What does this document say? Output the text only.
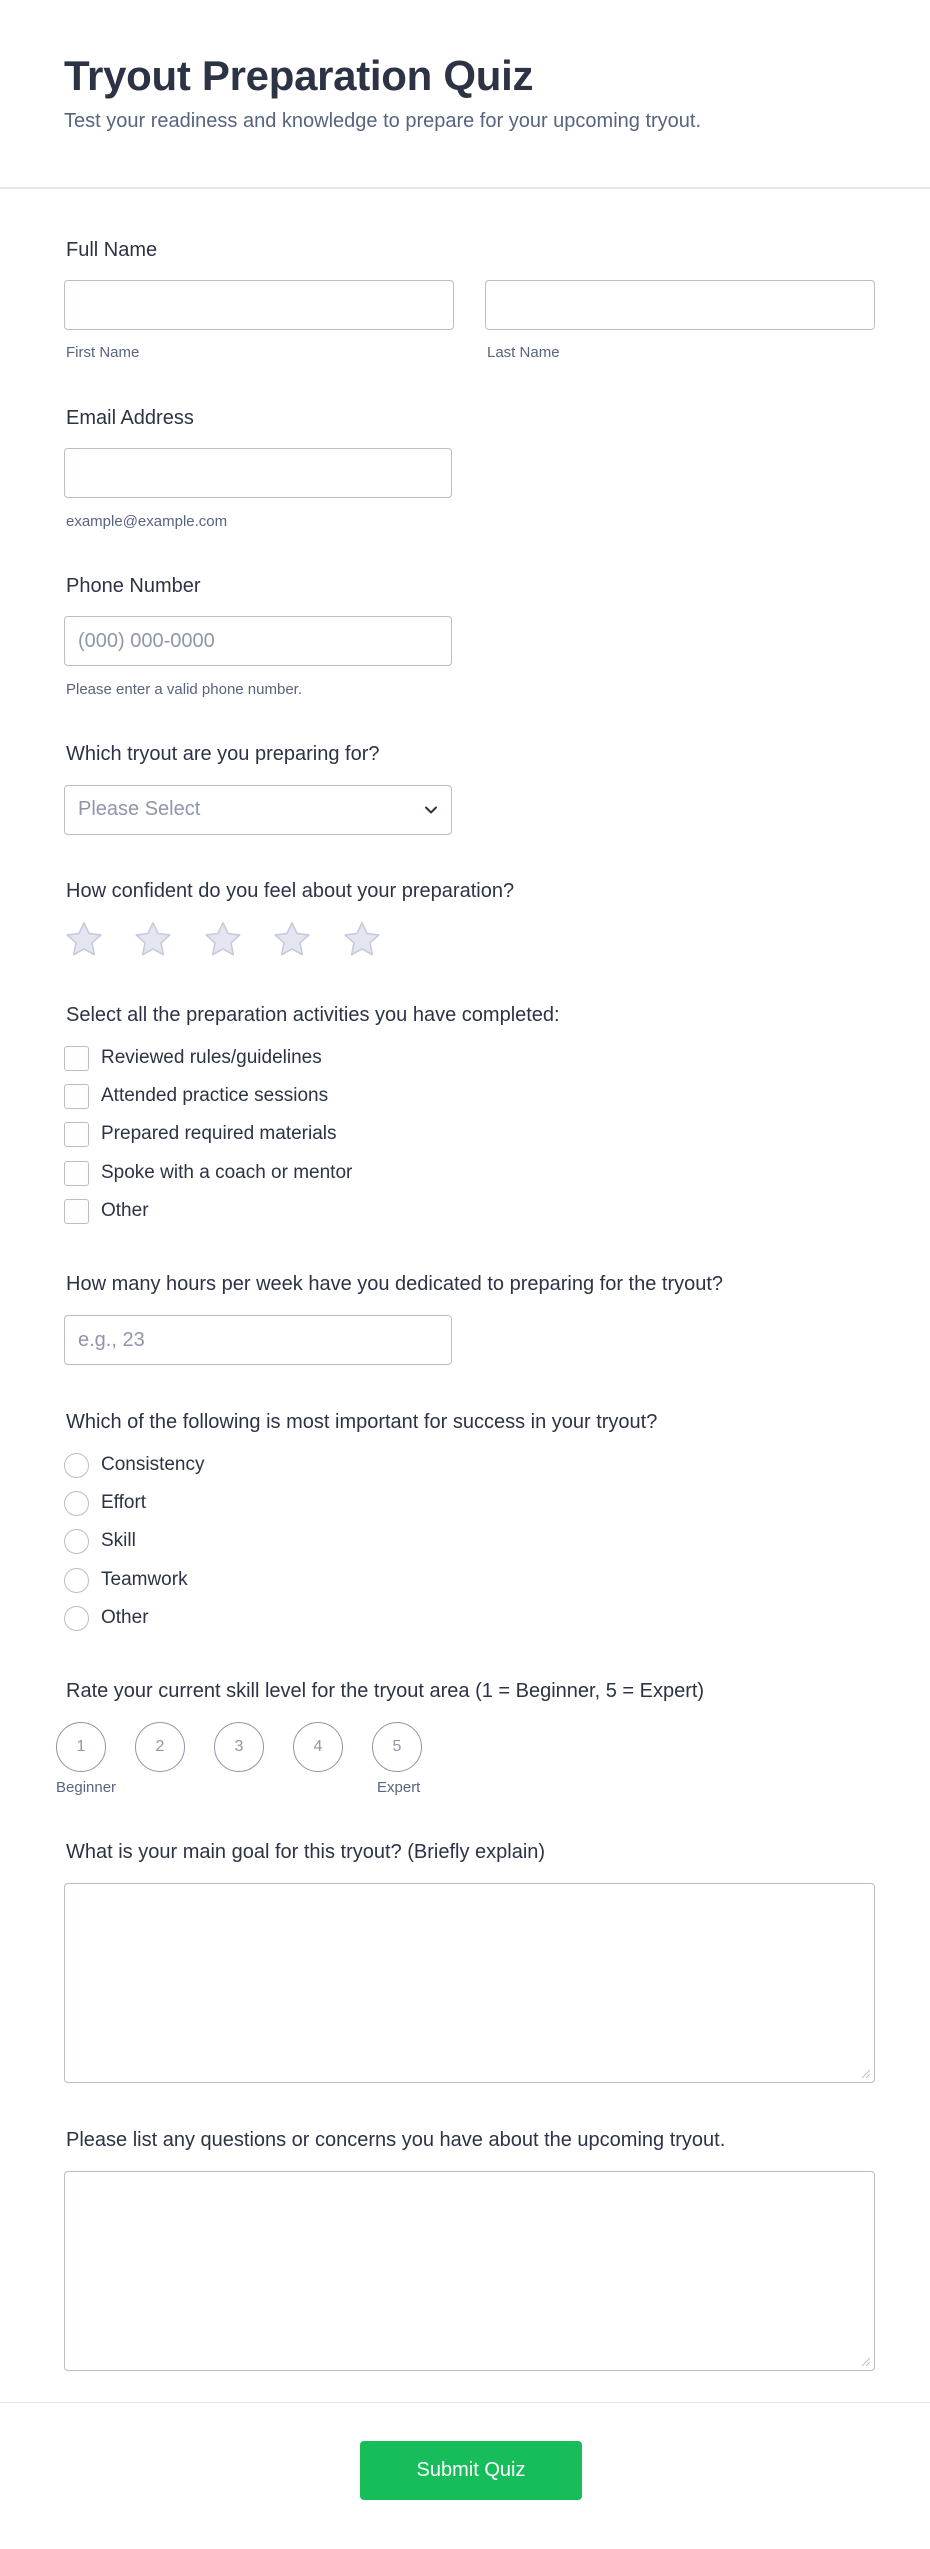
Tryout Preparation Quiz
Test your readiness and knowledge to prepare for your upcoming tryout.
Full Name
First Name	Last Name
Email Address
example@example.com
Phone Number
(000) 000-0000
Please enter a valid phone number.
Which tryout are you preparing for?
Please Select
How confident do you feel about your preparation?
Select all the preparation activities you have completed:
Reviewed rules/guidelines
Attended practice sessions
Prepared required materials
Spoke with a coach or mentor
Other
How many hours per week have you dedicated to preparing for the tryout?
e.g., 23
Which of the following is most important for success in your tryout?
Consistency
Effort
Skill
Teamwork
Other
Rate your current skill level for the tryout area (1 = Beginner, 5 = Expert)
1	2	3	4	5
Beginner	Expert
What is your main goal for this tryout? (Briefly explain)
Please list any questions or concerns you have about the upcoming tryout.
Submit Quiz
